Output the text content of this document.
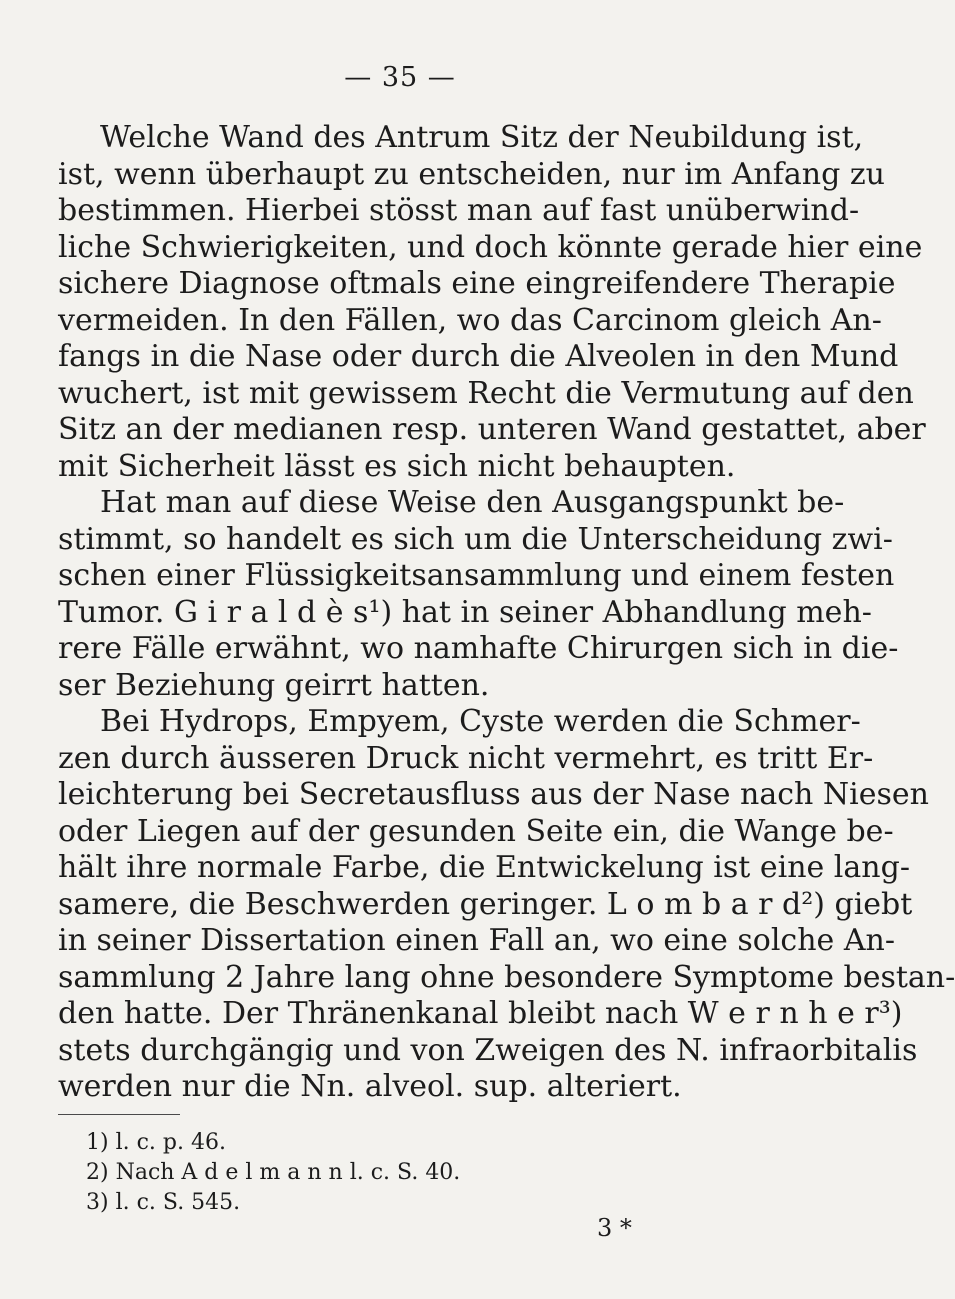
— 35 —
Welche Wand des Antrum Sitz der Neubildung ist,
ist, wenn überhaupt zu entscheiden, nur im Anfang zu
bestimmen. Hierbei stösst man auf fast unüberwind-
liche Schwierigkeiten, und doch könnte gerade hier eine
sichere Diagnose oftmals eine eingreifendere Therapie
vermeiden. In den Fällen, wo das Carcinom gleich An-
fangs in die Nase oder durch die Alveolen in den Mund
wuchert, ist mit gewissem Recht die Vermutung auf den
Sitz an der medianen resp. unteren Wand gestattet, aber
mit Sicherheit lässt es sich nicht behaupten.
Hat man auf diese Weise den Ausgangspunkt be-
stimmt, so handelt es sich um die Unterscheidung zwi-
schen einer Flüssigkeitsansammlung und einem festen
Tumor. G i r a l d è s¹) hat in seiner Abhandlung meh-
rere Fälle erwähnt, wo namhafte Chirurgen sich in die-
ser Beziehung geirrt hatten.
Bei Hydrops, Empyem, Cyste werden die Schmer-
zen durch äusseren Druck nicht vermehrt, es tritt Er-
leichterung bei Secretausfluss aus der Nase nach Niesen
oder Liegen auf der gesunden Seite ein, die Wange be-
hält ihre normale Farbe, die Entwickelung ist eine lang-
samere, die Beschwerden geringer. L o m b a r d²) giebt
in seiner Dissertation einen Fall an, wo eine solche An-
sammlung 2 Jahre lang ohne besondere Symptome bestan-
den hatte. Der Thränenkanal bleibt nach W e r n h e r³)
stets durchgängig und von Zweigen des N. infraorbitalis
werden nur die Nn. alveol. sup. alteriert.
1) l. c. p. 46.
2) Nach A d e l m a n n l. c. S. 40.
3) l. c. S. 545.
3 *
